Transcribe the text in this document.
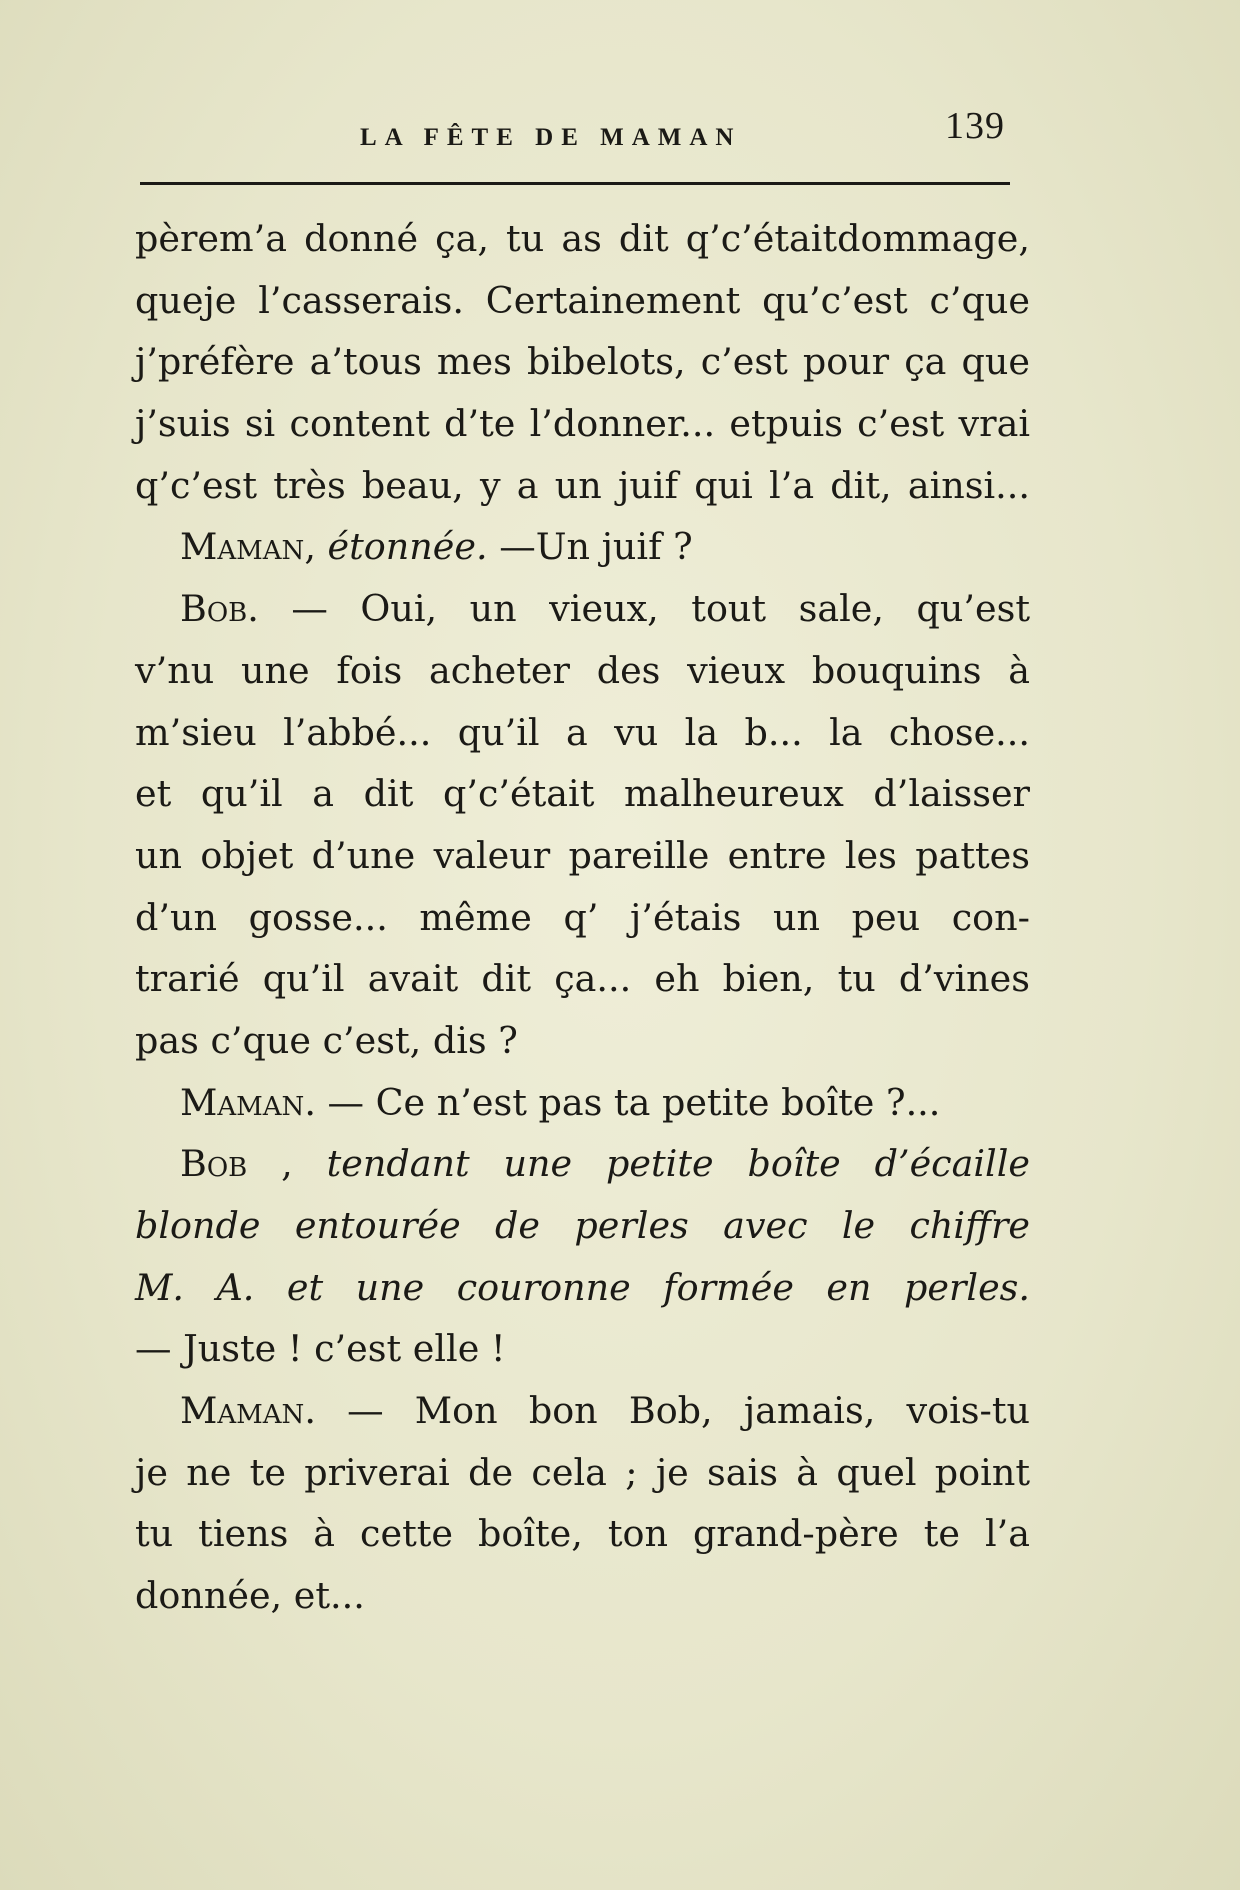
LA FÊTE DE MAMAN	139
pèrem’a donné ça, tu as dit q’c’étaitdommage,
queje l’casserais. Certainement qu’c’est c’que
j’préfère a’tous mes bibelots, c’est pour ça que
j’suis si content d’te l’donner... etpuis c’est vrai
q’c’est très beau, y a un juif qui l’a dit, ainsi...
Maman, étonnée. —Un juif ?
Bob. — Oui, un vieux, tout sale, qu’est
v’nu une fois acheter des vieux bouquins à
m’sieu l’abbé... qu’il a vu la b... la chose...
et qu’il a dit q’c’était malheureux d’laisser
un objet d’une valeur pareille entre les pattes
d’un gosse... même q’ j’étais un peu con-
trarié qu’il avait dit ça... eh bien, tu d’vines
pas c’que c’est, dis ?
Maman. — Ce n’est pas ta petite boîte ?...
Bob , tendant une petite boîte d’écaille
blonde entourée de perles avec le chiffre
M. A. et une couronne formée en perles.
— Juste ! c’est elle !
Maman. — Mon bon Bob, jamais, vois-tu
je ne te priverai de cela ; je sais à quel point
tu tiens à cette boîte, ton grand-père te l’a
donnée, et...
